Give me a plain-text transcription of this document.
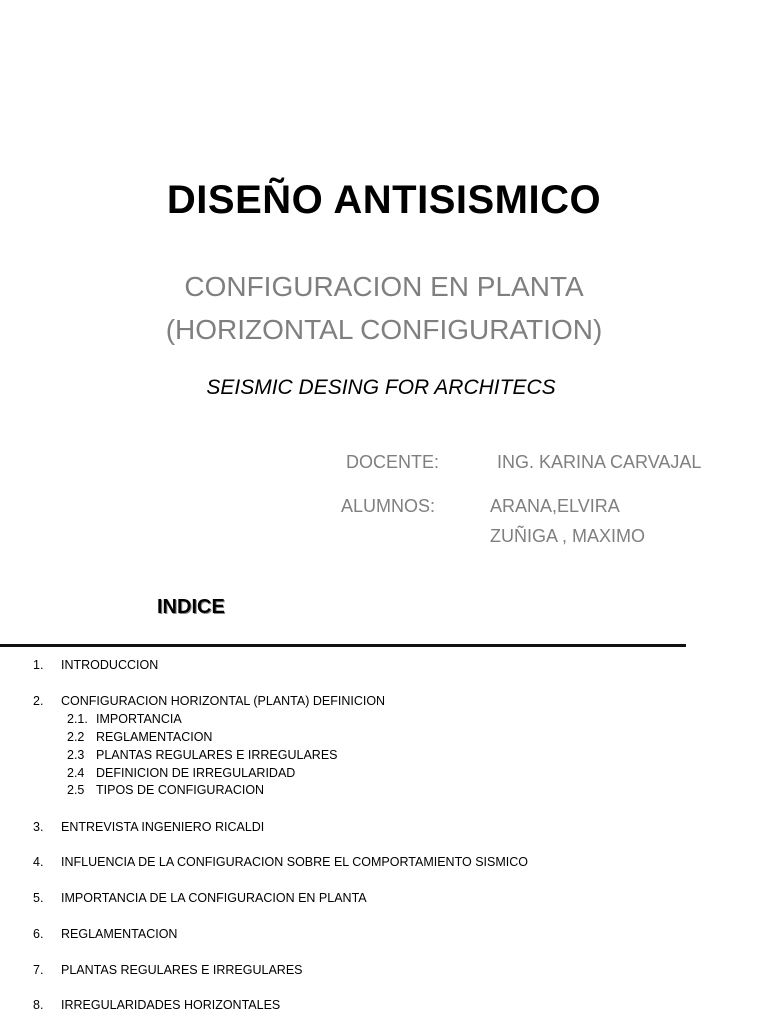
DISEÑO ANTISISMICO
CONFIGURACION EN PLANTA
(HORIZONTAL CONFIGURATION)
SEISMIC DESING FOR ARCHITECS
DOCENTE:	ING. KARINA CARVAJAL
ALUMNOS:	ARANA,ELVIRA
ZUÑIGA , MAXIMO
INDICE
1. INTRODUCCION
2. CONFIGURACION HORIZONTAL (PLANTA) DEFINICION
2.1. IMPORTANCIA
2.2 REGLAMENTACION
2.3 PLANTAS REGULARES E IRREGULARES
2.4 DEFINICION DE IRREGULARIDAD
2.5 TIPOS DE CONFIGURACION
3. ENTREVISTA INGENIERO RICALDI
4. INFLUENCIA DE LA CONFIGURACION SOBRE EL COMPORTAMIENTO SISMICO
5. IMPORTANCIA DE LA CONFIGURACION EN PLANTA
6. REGLAMENTACION
7. PLANTAS REGULARES E IRREGULARES
8. IRREGULARIDADES HORIZONTALES
